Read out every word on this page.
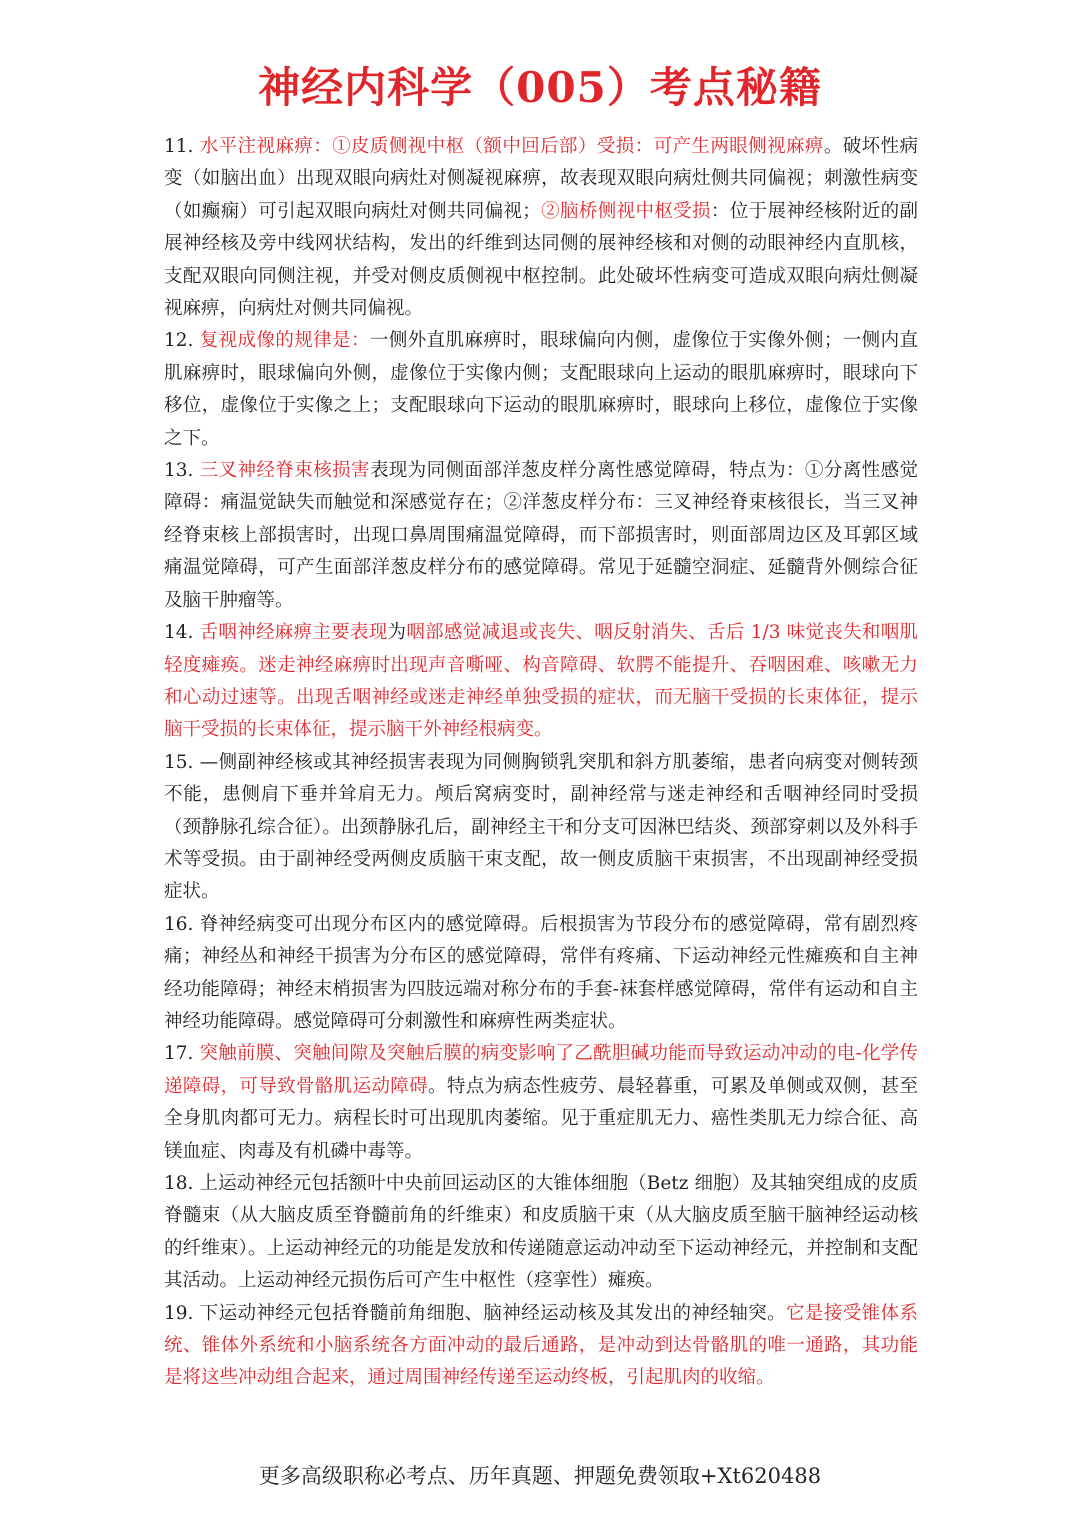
神经内科学（005）考点秘籍

11. 水平注视麻痹：①皮质侧视中枢（额中回后部）受损：可产生两眼侧视麻痹。破坏性病变（如脑出血）出现双眼向病灶对侧凝视麻痹，故表现双眼向病灶侧共同偏视；刺激性病变（如癫痫）可引起双眼向病灶对侧共同偏视；②脑桥侧视中枢受损：位于展神经核附近的副展神经核及旁中线网状结构，发出的纤维到达同侧的展神经核和对侧的动眼神经内直肌核，支配双眼向同侧注视，并受对侧皮质侧视中枢控制。此处破坏性病变可造成双眼向病灶侧凝视麻痹，向病灶对侧共同偏视。

12. 复视成像的规律是：一侧外直肌麻痹时，眼球偏向内侧，虚像位于实像外侧；一侧内直肌麻痹时，眼球偏向外侧，虚像位于实像内侧；支配眼球向上运动的眼肌麻痹时，眼球向下移位，虚像位于实像之上；支配眼球向下运动的眼肌麻痹时，眼球向上移位，虚像位于实像之下。

13. 三叉神经脊束核损害表现为同侧面部洋葱皮样分离性感觉障碍，特点为：①分离性感觉障碍：痛温觉缺失而触觉和深感觉存在；②洋葱皮样分布：三叉神经脊束核很长，当三叉神经脊束核上部损害时，出现口鼻周围痛温觉障碍，而下部损害时，则面部周边区及耳郭区域痛温觉障碍，可产生面部洋葱皮样分布的感觉障碍。常见于延髓空洞症、延髓背外侧综合征及脑干肿瘤等。

14. 舌咽神经麻痹主要表现为咽部感觉减退或丧失、咽反射消失、舌后 1/3 味觉丧失和咽肌轻度瘫痪。迷走神经麻痹时出现声音嘶哑、构音障碍、软腭不能提升、吞咽困难、咳嗽无力和心动过速等。出现舌咽神经或迷走神经单独受损的症状，而无脑干受损的长束体征，提示脑干受损的长束体征，提示脑干外神经根病变。

15. —侧副神经核或其神经损害表现为同侧胸锁乳突肌和斜方肌萎缩，患者向病变对侧转颈不能，患侧肩下垂并耸肩无力。颅后窝病变时，副神经常与迷走神经和舌咽神经同时受损（颈静脉孔综合征）。出颈静脉孔后，副神经主干和分支可因淋巴结炎、颈部穿刺以及外科手术等受损。由于副神经受两侧皮质脑干束支配，故一侧皮质脑干束损害，不出现副神经受损症状。

16. 脊神经病变可出现分布区内的感觉障碍。后根损害为节段分布的感觉障碍，常有剧烈疼痛；神经丛和神经干损害为分布区的感觉障碍，常伴有疼痛、下运动神经元性瘫痪和自主神经功能障碍；神经末梢损害为四肢远端对称分布的手套-袜套样感觉障碍，常伴有运动和自主神经功能障碍。感觉障碍可分刺激性和麻痹性两类症状。

17. 突触前膜、突触间隙及突触后膜的病变影响了乙酰胆碱功能而导致运动冲动的电-化学传递障碍，可导致骨骼肌运动障碍。特点为病态性疲劳、晨轻暮重，可累及单侧或双侧，甚至全身肌肉都可无力。病程长时可出现肌肉萎缩。见于重症肌无力、癌性类肌无力综合征、高镁血症、肉毒及有机磷中毒等。

18. 上运动神经元包括额叶中央前回运动区的大锥体细胞（Betz 细胞）及其轴突组成的皮质脊髓束（从大脑皮质至脊髓前角的纤维束）和皮质脑干束（从大脑皮质至脑干脑神经运动核的纤维束）。上运动神经元的功能是发放和传递随意运动冲动至下运动神经元，并控制和支配其活动。上运动神经元损伤后可产生中枢性（痉挛性）瘫痪。

19. 下运动神经元包括脊髓前角细胞、脑神经运动核及其发出的神经轴突。它是接受锥体系统、锥体外系统和小脑系统各方面冲动的最后通路，是冲动到达骨骼肌的唯一通路，其功能是将这些冲动组合起来，通过周围神经传递至运动终板，引起肌肉的收缩。

更多高级职称必考点、历年真题、押题免费领取+Xt620488
